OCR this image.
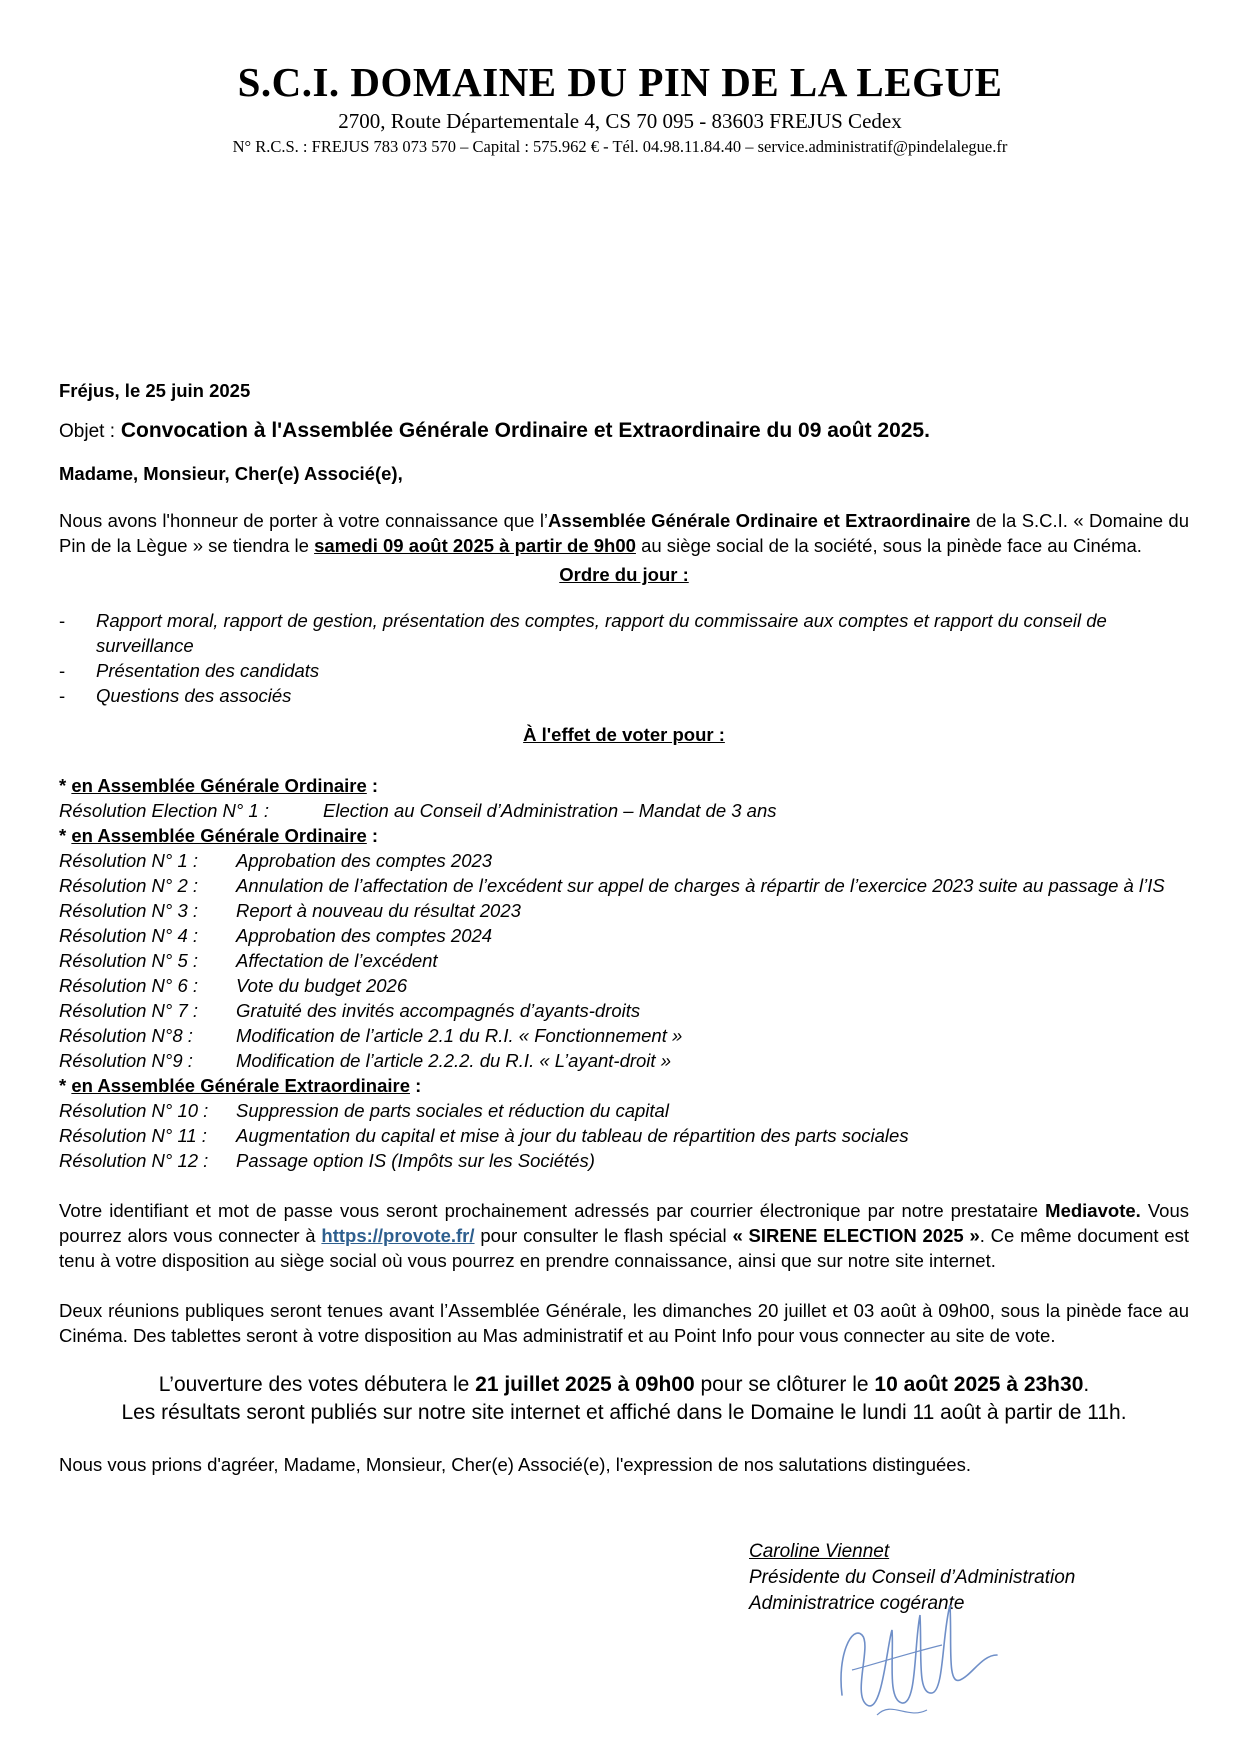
S.C.I. DOMAINE DU PIN DE LA LEGUE
2700, Route Départementale 4, CS 70 095 - 83603 FREJUS Cedex
N° R.C.S. : FREJUS 783 073 570 – Capital : 575.962 € - Tél. 04.98.11.84.40 – service.administratif@pindelalegue.fr
Fréjus, le 25 juin 2025
Objet : Convocation à l'Assemblée Générale Ordinaire et Extraordinaire du 09 août 2025.
Madame, Monsieur, Cher(e) Associé(e),
Nous avons l'honneur de porter à votre connaissance que l’Assemblée Générale Ordinaire et Extraordinaire de la S.C.I. « Domaine du Pin de la Lègue » se tiendra le samedi 09 août 2025 à partir de 9h00 au siège social de la société, sous la pinède face au Cinéma.
Ordre du jour :
- Rapport moral, rapport de gestion, présentation des comptes, rapport du commissaire aux comptes et rapport du conseil de surveillance
- Présentation des candidats
- Questions des associés
À l'effet de voter pour :
* en Assemblée Générale Ordinaire :
Résolution Election N° 1 :	Election au Conseil d’Administration – Mandat de 3 ans
* en Assemblée Générale Ordinaire :
Résolution N° 1 :	Approbation des comptes 2023
Résolution N° 2 :	Annulation de l’affectation de l’excédent sur appel de charges à répartir de l’exercice 2023 suite au passage à l’IS
Résolution N° 3 :	Report à nouveau du résultat 2023
Résolution N° 4 :	Approbation des comptes 2024
Résolution N° 5 :	Affectation de l’excédent
Résolution N° 6 :	Vote du budget 2026
Résolution N° 7 :	Gratuité des invités accompagnés d’ayants-droits
Résolution N°8 :	Modification de l’article 2.1 du R.I. « Fonctionnement »
Résolution N°9 :	Modification de l’article 2.2.2. du R.I. « L’ayant-droit »
* en Assemblée Générale Extraordinaire :
Résolution N° 10 :	Suppression de parts sociales et réduction du capital
Résolution N° 11 :	Augmentation du capital et mise à jour du tableau de répartition des parts sociales
Résolution N° 12 :	Passage option IS (Impôts sur les Sociétés)
Votre identifiant et mot de passe vous seront prochainement adressés par courrier électronique par notre prestataire Mediavote. Vous pourrez alors vous connecter à https://provote.fr/ pour consulter le flash spécial « SIRENE ELECTION 2025 ». Ce même document est tenu à votre disposition au siège social où vous pourrez en prendre connaissance, ainsi que sur notre site internet.
Deux réunions publiques seront tenues avant l’Assemblée Générale, les dimanches 20 juillet et 03 août à 09h00, sous la pinède face au Cinéma. Des tablettes seront à votre disposition au Mas administratif et au Point Info pour vous connecter au site de vote.
L’ouverture des votes débutera le 21 juillet 2025 à 09h00 pour se clôturer le 10 août 2025 à 23h30.
Les résultats seront publiés sur notre site internet et affiché dans le Domaine le lundi 11 août à partir de 11h.
Nous vous prions d'agréer, Madame, Monsieur, Cher(e) Associé(e), l'expression de nos salutations distinguées.
Caroline Viennet
Présidente du Conseil d’Administration
Administratrice cogérante
